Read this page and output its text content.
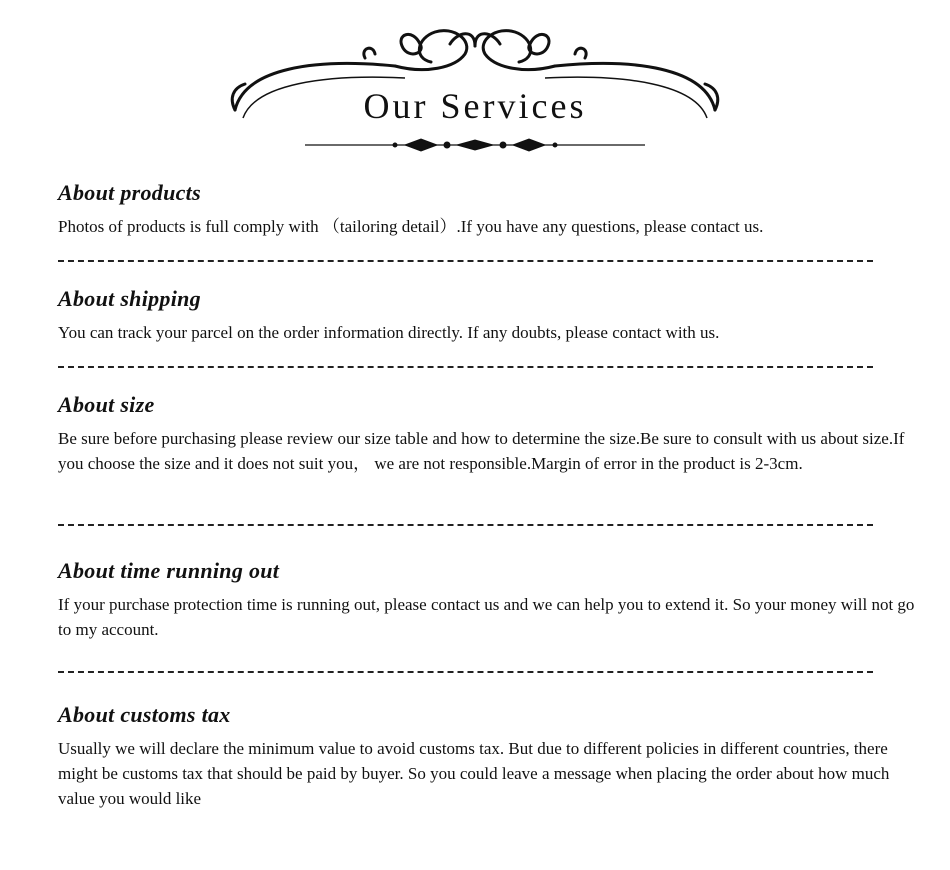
Our Services
About products

Photos of products is full comply with （tailoring detail）.If you have any questions, please contact us.

About shipping

You can track your parcel on the order information directly. If any doubts, please contact with us.

About size

Be sure before purchasing please review our size table and how to determine the size.Be sure to consult with us about size.If you choose the size and it does not suit you， we are not responsible.Margin of error in the product is 2-3cm.

About time running out

If your purchase protection time is running out, please contact us and we can help you to extend it. So your money will not go to my account.

About customs tax

Usually we will declare the minimum value to avoid customs tax. But due to different policies in different countries, there might be customs tax that should be paid by buyer. So you could leave a message when placing the order about how much value you would like
